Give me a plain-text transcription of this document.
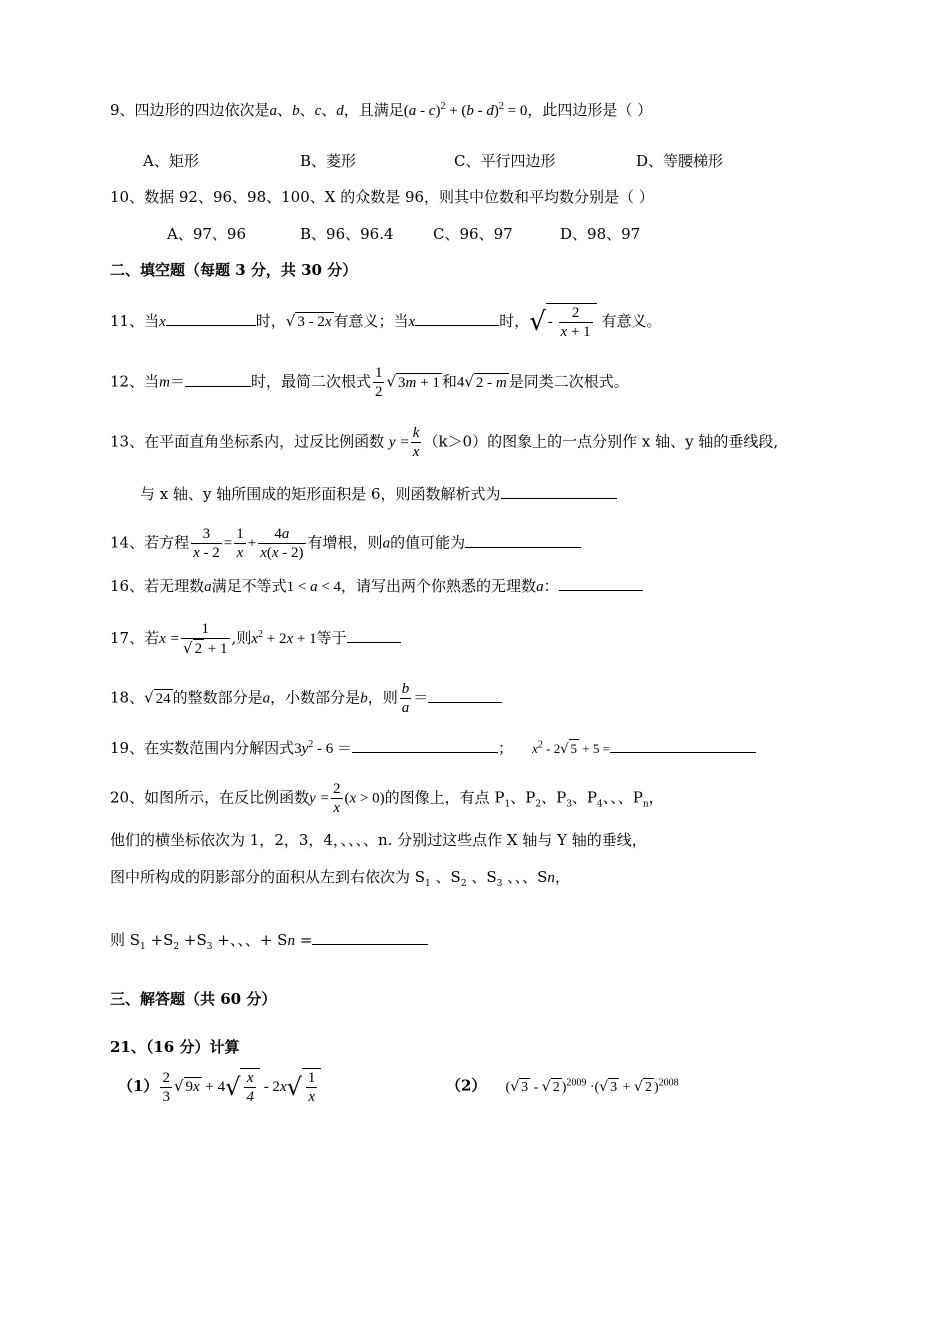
9、四边形的四边依次是a、b、c、d，且满足(a - c)$^2$ + (b - d)$^2$ = 0，此四边形是（ ）
A、矩形	B、菱形	C、平行四边形	D、等腰梯形
10、数据 92、96、98、100、X 的众数是 96，则其中位数和平均数分别是（ ）
A、97、96	B、96、96.4	C、96、97	D、98、97
二、填空题（每题 3 分，共 30 分）
11、当x	时，√ 3 - 2x 有意义；当x	时，√ - $\frac{2}{x + 1}$ 有意义。
12、当m＝	时，最简二次根式 $\frac{1}{2}$ √ 3m + 1 和4√ 2 - m 是同类二次根式。
13、在平面直角坐标系内，过反比例函数 $y = \frac{k}{x} (k>0)$的图象上的一点分别作 x 轴、y 轴的垂线段,
与 x 轴、y 轴所围成的矩形面积是 6，则函数解析式为
14、若方程 $\frac{3}{x - 2} = \frac{1}{x} + \frac{4a}{x(x - 2)}$ 有增根，则a的值可能为
16、若无理数a满足不等式1 < a < 4，请写出两个你熟悉的无理数a：
17、若$x = \frac{1}{√ 2 + 1}$ ,则$x^2 + 2x + 1$等于
18、√ 24 的整数部分是a，小数部分是b，则 $\frac{b}{a}$ ＝
19、在实数范围内分解因式$3y^2 - 6$ ＝	； $x^2 - 2√$ 5 + 5 =
20、如图所示，在反比例函数$y = \frac{2}{x} (x > 0)$的图像上，有点 $P_1$、$P_2$、$P_3$、$P_4$、、、$P_n$，
他们的横坐标依次为 1，2，3，4，、、、、n. 分别过这些点作 X 轴与 Y 轴的垂线，
图中所构成的阴影部分的面积从左到右依次为 $S_1$ 、$S_2$ 、$S_3$ 、、、Sn，
则 $S_1 +S_2 +S_3$ +、、、+ Sn =
三、解答题（共 60 分）
21、（16 分）计算
$(1) \frac{2}{3}$ √ $9x + 4√ \frac{x}{4} - 2x√ \frac{1}{x}$	（2） (√ 3 - √ 2 )$^{2009}$ ·(√ 3 + √ 2 )$^{2008}$
